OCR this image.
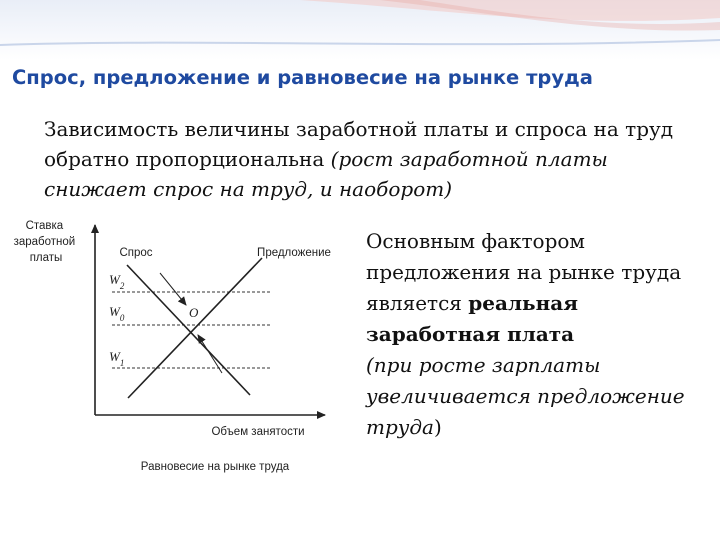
Спрос, предложение и равновесие на рынке труда
Зависимость величины заработной платы и спроса на труд обратно пропорциональна (рост заработной платы снижает спрос на труд, и наоборот)
Основным фактором предложения на рынке труда является реальная заработная плата
(при росте зарплаты увеличивается предложение труда)
Ставка заработной платы	Спрос	Предложение
$W_2$
$W_0$
$W_1$
O
Объем занятости
Равновесие на рынке труда
